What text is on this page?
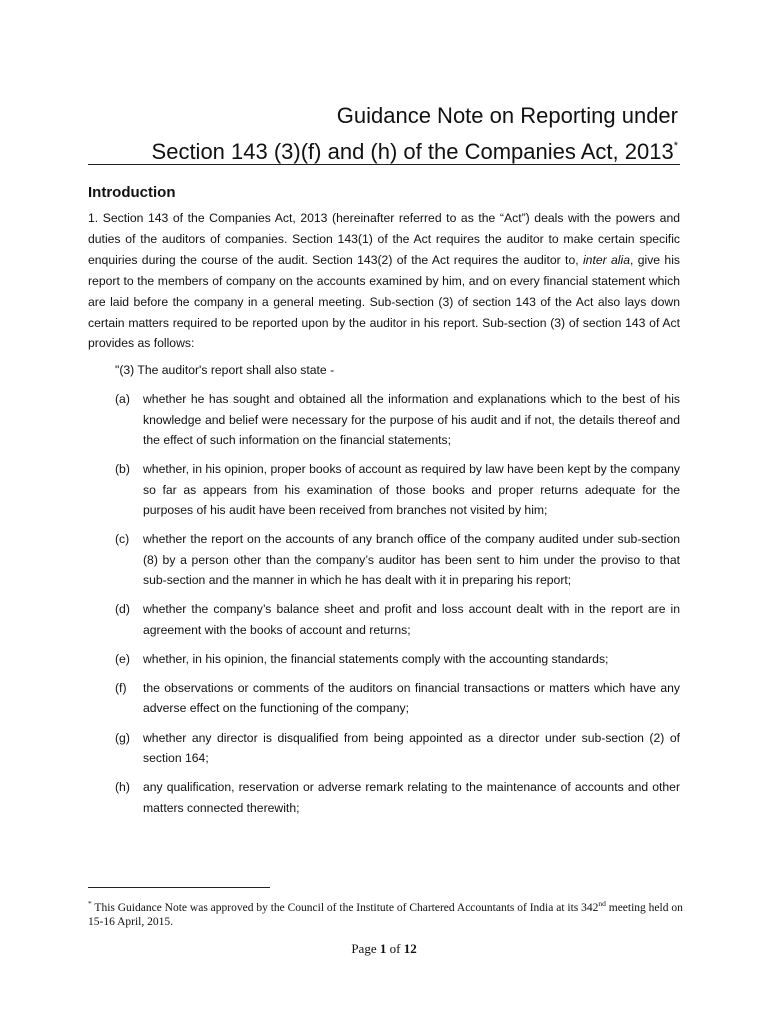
Guidance Note on Reporting under
Section 143 (3)(f) and (h) of the Companies Act, 2013*
Introduction
1. Section 143 of the Companies Act, 2013 (hereinafter referred to as the “Act”) deals with the powers and duties of the auditors of companies. Section 143(1) of the Act requires the auditor to make certain specific enquiries during the course of the audit. Section 143(2) of the Act requires the auditor to, inter alia, give his report to the members of company on the accounts examined by him, and on every financial statement which are laid before the company in a general meeting. Sub-section (3) of section 143 of the Act also lays down certain matters required to be reported upon by the auditor in his report. Sub-section (3) of section 143 of Act provides as follows:
"(3) The auditor's report shall also state -
(a)	whether he has sought and obtained all the information and explanations which to the best of his knowledge and belief were necessary for the purpose of his audit and if not, the details thereof and the effect of such information on the financial statements;
(b)	whether, in his opinion, proper books of account as required by law have been kept by the company so far as appears from his examination of those books and proper returns adequate for the purposes of his audit have been received from branches not visited by him;
(c)	whether the report on the accounts of any branch office of the company audited under sub-section (8) by a person other than the company’s auditor has been sent to him under the proviso to that sub-section and the manner in which he has dealt with it in preparing his report;
(d)	whether the company’s balance sheet and profit and loss account dealt with in the report are in agreement with the books of account and returns;
(e)	whether, in his opinion, the financial statements comply with the accounting standards;
(f)	the observations or comments of the auditors on financial transactions or matters which have any adverse effect on the functioning of the company;
(g)	whether any director is disqualified from being appointed as a director under sub-section (2) of section 164;
(h)	any qualification, reservation or adverse remark relating to the maintenance of accounts and other matters connected therewith;
* This Guidance Note was approved by the Council of the Institute of Chartered Accountants of India at its 342nd meeting held on 15-16 April, 2015.
Page 1 of 12
